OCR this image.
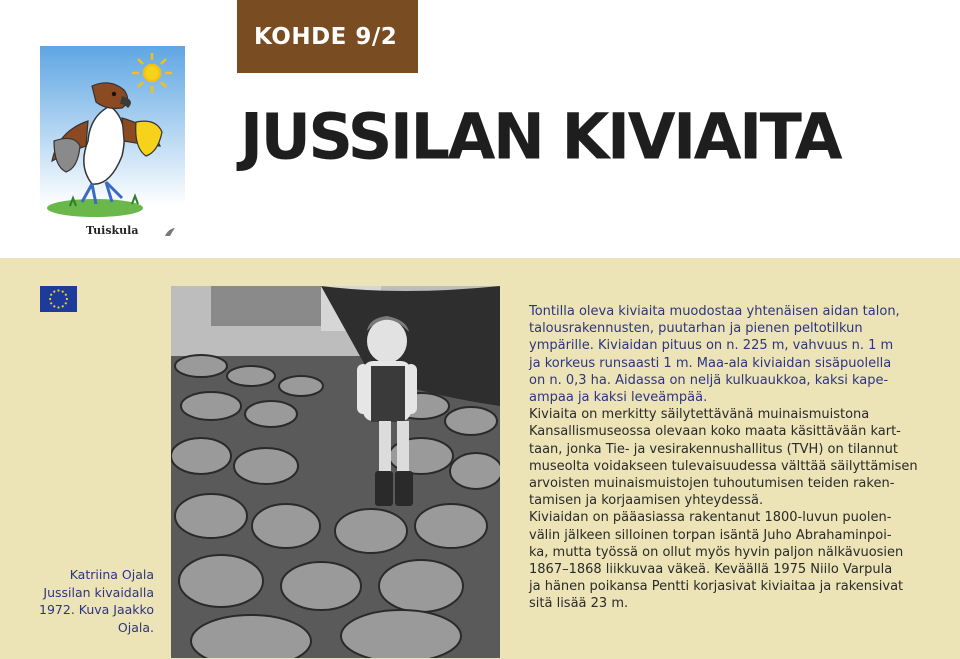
KOHDE 9/2
JUSSILAN KIVIAITA
Tuiskula
Katriina Ojala
Jussilan kivaidalla
1972. Kuva Jaakko
Ojala.

Tontilla oleva kiviaita muodostaa yhtenäisen aidan talon,
talousrakennusten, puutarhan ja pienen peltotilkun
ympärille. Kiviaidan pituus on n. 225 m, vahvuus n. 1 m
ja korkeus runsaasti 1 m. Maa-ala kiviaidan sisäpuolella
on n. 0,3 ha. Aidassa on neljä kulkuaukkoa, kaksi kape-
ampaa ja kaksi leveämpää.
Kiviaita on merkitty säilytettävänä muinaismuistona
Kansallismuseossa olevaan koko maata käsittävään kart-
taan, jonka Tie- ja vesirakennushallitus (TVH) on tilannut
museolta voidakseen tulevaisuudessa välttää säilyttämisen
arvoisten muinaismuistojen tuhoutumisen teiden raken-
tamisen ja korjaamisen yhteydessä.
Kiviaidan on pääasiassa rakentanut 1800-luvun puolen-
välin jälkeen silloinen torpan isäntä Juho Abrahaminpoi-
ka, mutta työssä on ollut myös hyvin paljon nälkävuosien
1867–1868 liikkuvaa väkeä. Keväällä 1975 Niilo Varpula
ja hänen poikansa Pentti korjasivat kiviaitaa ja rakensivat
sitä lisää 23 m.
